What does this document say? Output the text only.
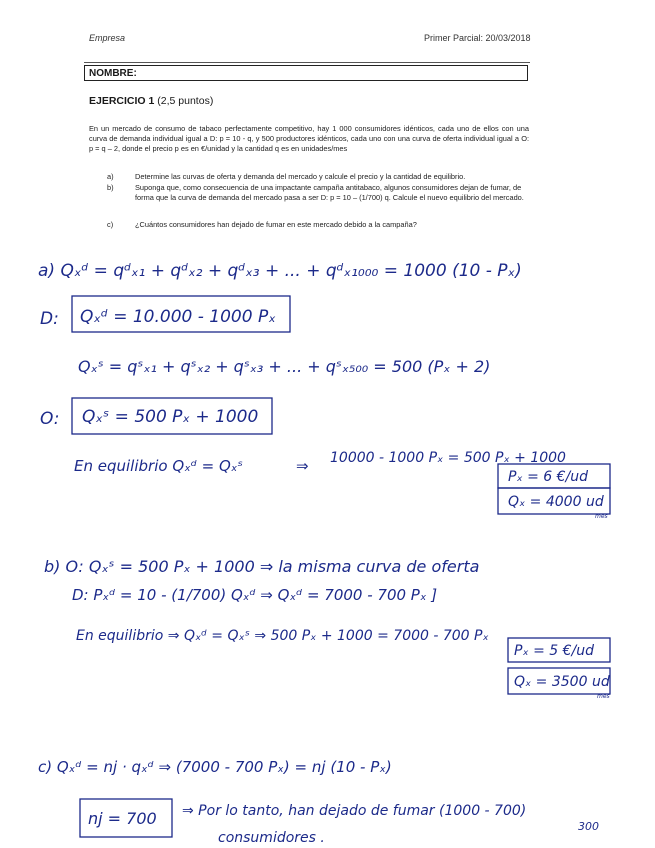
Empresa	Primer Parcial: 20/03/2018
NOMBRE:
EJERCICIO 1 (2,5 puntos)
En un mercado de consumo de tabaco perfectamente competitivo, hay 1 000 consumidores idénticos, cada uno de ellos con una curva de demanda individual igual a D: p = 10 - q, y 500 productores idénticos, cada uno con una curva de oferta individual igual a O: p = q – 2, donde el precio p es en €/unidad y la cantidad q es en unidades/mes
a)	Determine las curvas de oferta y demanda del mercado y calcule el precio y la cantidad de equilibrio.
b)	Suponga que, como consecuencia de una impactante campaña antitabaco, algunos consumidores dejan de fumar, de forma que la curva de demanda del mercado pasa a ser D: p = 10 – (1/700) q. Calcule el nuevo equilibrio del mercado.
c)	¿Cuántos consumidores han dejado de fumar en este mercado debido a la campaña?
a) Qₓᵈ = qᵈₓ₁ + qᵈₓ₂ + qᵈₓ₃ + ... + qᵈₓ₁₀₀₀ = 1000 (10 - Pₓ)
D: Qₓᵈ = 10.000 - 1000 Pₓ
Qₓˢ = qˢₓ₁ + qˢₓ₂ + qˢₓ₃ + ... + qˢₓ₅₀₀ = 500 (Pₓ + 2)
O: Qₓˢ = 500 Pₓ + 1000
En equilibrio Qₓᵈ = Qₓˢ	⇒ 10000 - 1000 Pₓ = 500 Pₓ + 1000
Pₓ = 6 €/ud
Qₓ = 4000 ud
mes
b) O: Qₓˢ = 500 Pₓ + 1000 ⇒ la misma curva de oferta
D: Pₓᵈ = 10 - (1/700) Qₓᵈ ⇒ Qₓᵈ = 7000 - 700 Pₓ ]
En equilibrio ⇒ Qₓᵈ = Qₓˢ ⇒ 500 Pₓ + 1000 = 7000 - 700 Pₓ
Pₓ = 5 €/ud
Qₓ = 3500 ud
mes
c) Qₓᵈ = nj · qₓᵈ ⇒ (7000 - 700 Pₓ) = nj (10 - Pₓ)
nj = 700 ⇒ Por lo tanto, han dejado de fumar (1000 - 700)
300
consumidores .
